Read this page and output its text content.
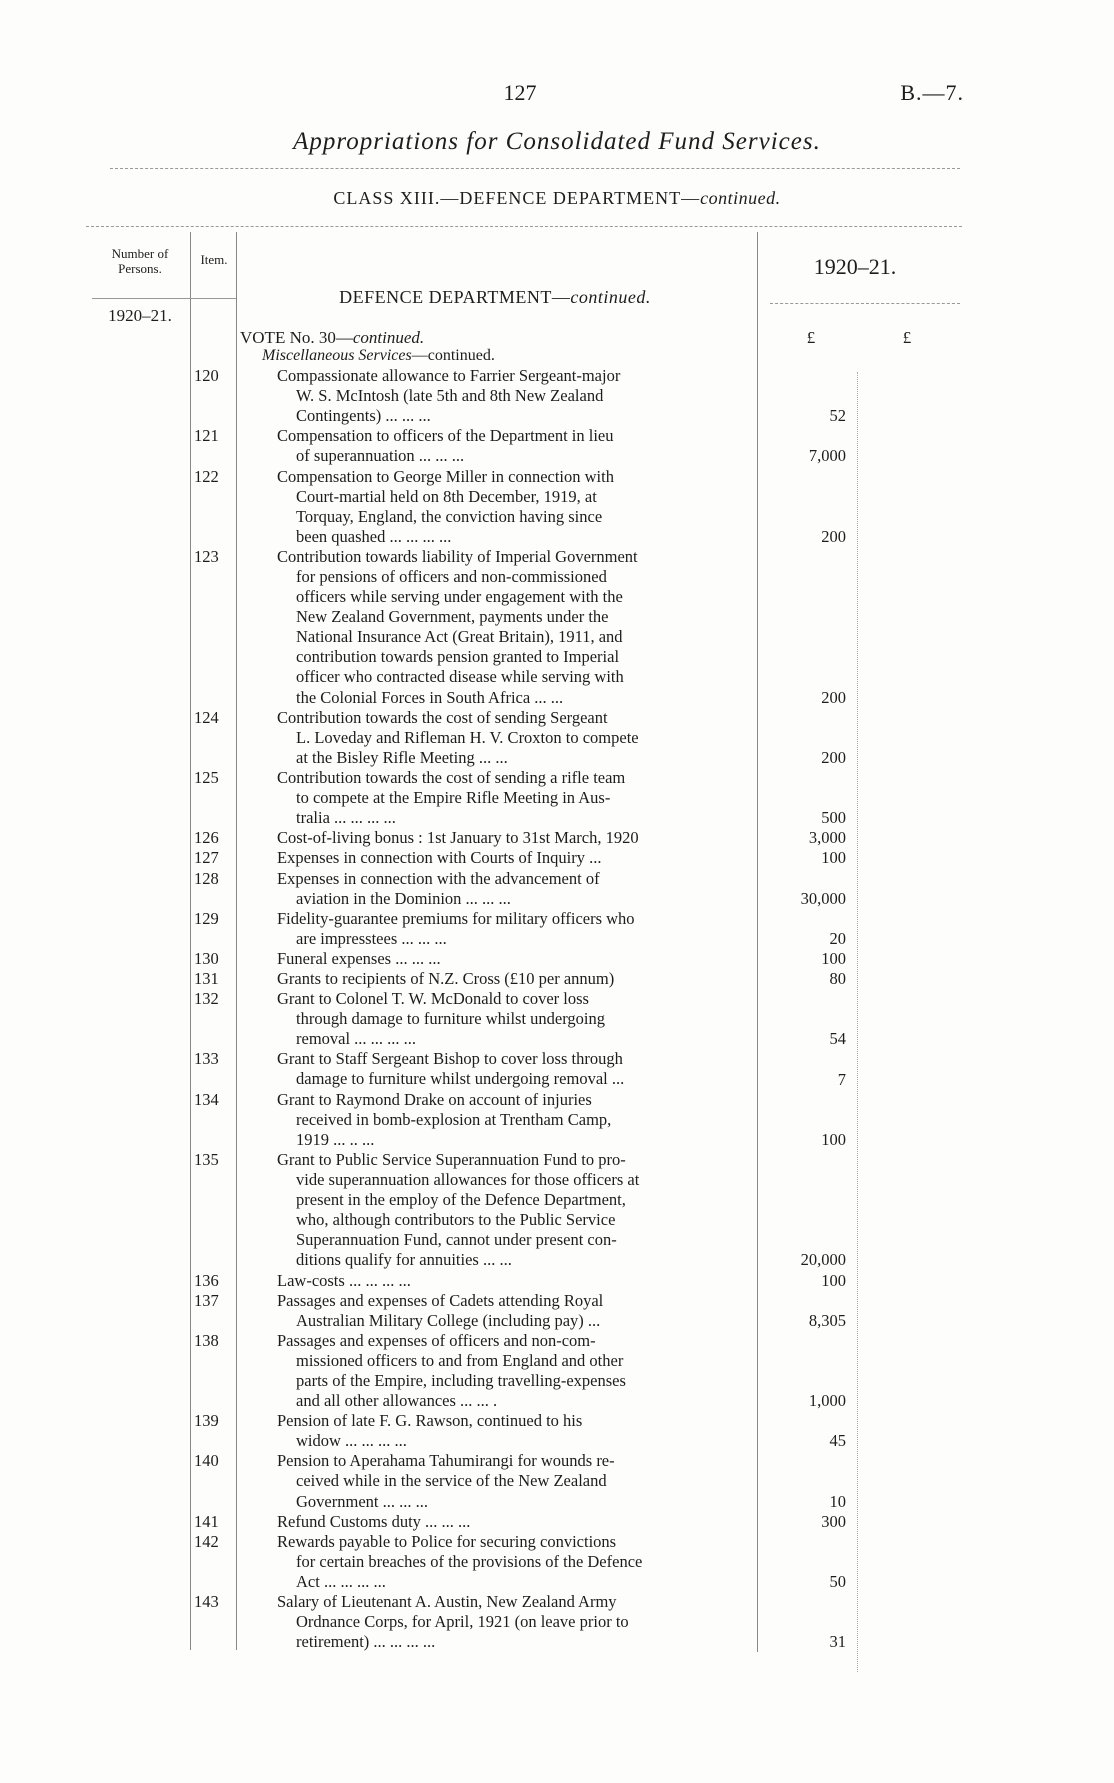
127	B.—7.
Appropriations for Consolidated Fund Services.
CLASS XIII.—DEFENCE DEPARTMENT—continued.
Number of Persons.
Item.
1920–21.
1920–21.
DEFENCE DEPARTMENT—continued.
VOTE No. 30—continued.
Miscellaneous Services—continued.
£	£
120	Compassionate allowance to Farrier Sergeant-major
W. S. McIntosh (late 5th and 8th New Zealand
Contingents) ... ... ...	52
121	Compensation to officers of the Department in lieu
of superannuation ... ... ...	7,000
122	Compensation to George Miller in connection with
Court-martial held on 8th December, 1919, at
Torquay, England, the conviction having since
been quashed ... ... ... ...	200
123	Contribution towards liability of Imperial Government
for pensions of officers and non-commissioned
officers while serving under engagement with the
New Zealand Government, payments under the
National Insurance Act (Great Britain), 1911, and
contribution towards pension granted to Imperial
officer who contracted disease while serving with
the Colonial Forces in South Africa ... ...	200
124	Contribution towards the cost of sending Sergeant
L. Loveday and Rifleman H. V. Croxton to compete
at the Bisley Rifle Meeting ... ...	200
125	Contribution towards the cost of sending a rifle team
to compete at the Empire Rifle Meeting in Aus-
tralia ... ... ... ...	500
126	Cost-of-living bonus : 1st January to 31st March, 1920	3,000
127	Expenses in connection with Courts of Inquiry ...	100
128	Expenses in connection with the advancement of
aviation in the Dominion ... ... ...	30,000
129	Fidelity-guarantee premiums for military officers who
are impresstees ... ... ...	20
130	Funeral expenses ... ... ...	100
131	Grants to recipients of N.Z. Cross (£10 per annum)	80
132	Grant to Colonel T. W. McDonald to cover loss
through damage to furniture whilst undergoing
removal ... ... ... ...	54
133	Grant to Staff Sergeant Bishop to cover loss through
damage to furniture whilst undergoing removal ...	7
134	Grant to Raymond Drake on account of injuries
received in bomb-explosion at Trentham Camp,
1919 ... .. ...	100
135	Grant to Public Service Superannuation Fund to pro-
vide superannuation allowances for those officers at
present in the employ of the Defence Department,
who, although contributors to the Public Service
Superannuation Fund, cannot under present con-
ditions qualify for annuities ... ...	20,000
136	Law-costs ... ... ... ...	100
137	Passages and expenses of Cadets attending Royal
Australian Military College (including pay) ...	8,305
138	Passages and expenses of officers and non-com-
missioned officers to and from England and other
parts of the Empire, including travelling-expenses
and all other allowances ... ... .	1,000
139	Pension of late F. G. Rawson, continued to his
widow ... ... ... ...	45
140	Pension to Aperahama Tahumirangi for wounds re-
ceived while in the service of the New Zealand
Government ... ... ...	10
141	Refund Customs duty ... ... ...	300
142	Rewards payable to Police for securing convictions
for certain breaches of the provisions of the Defence
Act ... ... ... ...	50
143	Salary of Lieutenant A. Austin, New Zealand Army
Ordnance Corps, for April, 1921 (on leave prior to
retirement) ... ... ... ...	31
